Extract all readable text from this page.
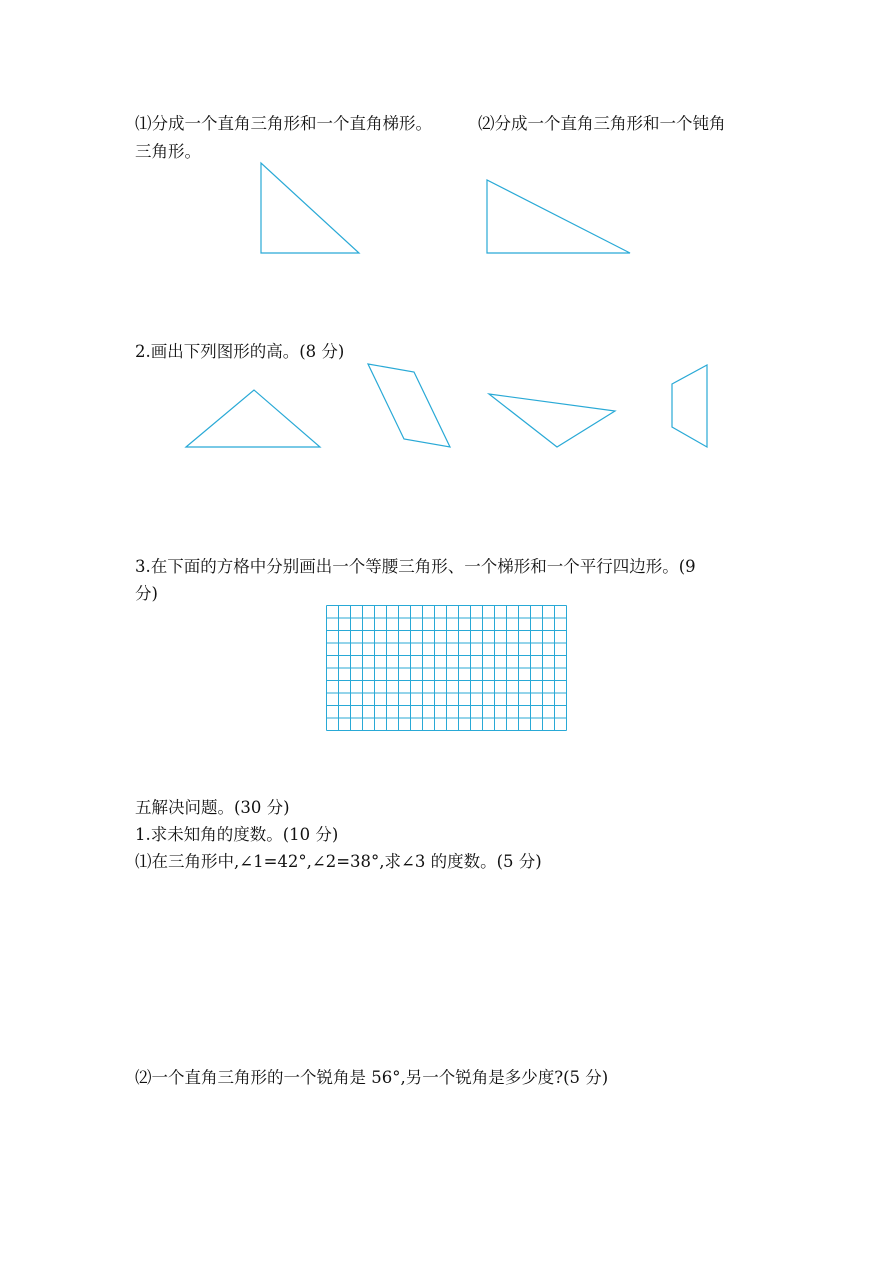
⑴分成一个直角三角形和一个直角梯形。	⑵分成一个直角三角形和一个钝角
三角形。
2.画出下列图形的高。(8 分)
3.在下面的方格中分别画出一个等腰三角形、一个梯形和一个平行四边形。(9
分)
五解决问题。(30 分)
1.求未知角的度数。(10 分)
⑴在三角形中,∠1=42°,∠2=38°,求∠3 的度数。(5 分)
⑵一个直角三角形的一个锐角是 56°,另一个锐角是多少度?(5 分)
